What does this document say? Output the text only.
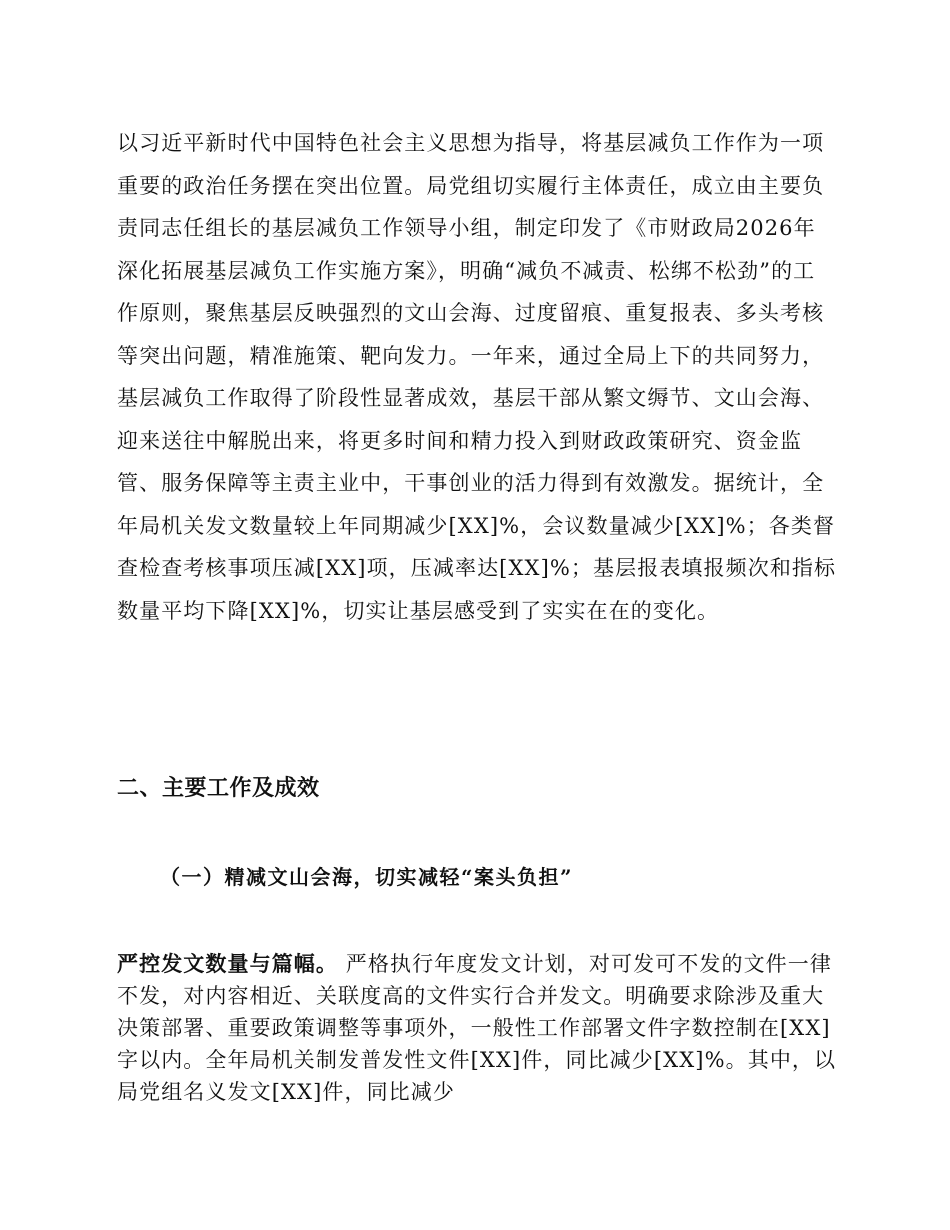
以习近平新时代中国特色社会主义思想为指导，将基层减负工作作为一项重要的政治任务摆在突出位置。局党组切实履行主体责任，成立由主要负责同志任组长的基层减负工作领导小组，制定印发了《市财政局2026年深化拓展基层减负工作实施方案》，明确“减负不减责、松绑不松劲”的工作原则，聚焦基层反映强烈的文山会海、过度留痕、重复报表、多头考核等突出问题，精准施策、靶向发力。一年来，通过全局上下的共同努力，基层减负工作取得了阶段性显著成效，基层干部从繁文缛节、文山会海、迎来送往中解脱出来，将更多时间和精力投入到财政政策研究、资金监管、服务保障等主责主业中，干事创业的活力得到有效激发。据统计，全年局机关发文数量较上年同期减少[XX]%，会议数量减少[XX]%；各类督查检查考核事项压减[XX]项，压减率达[XX]%；基层报表填报频次和指标数量平均下降[XX]%，切实让基层感受到了实实在在的变化。

二、主要工作及成效
（一）精减文山会海，切实减轻“案头负担”

严控发文数量与篇幅。 严格执行年度发文计划，对可发可不发的文件一律不发，对内容相近、关联度高的文件实行合并发文。明确要求除涉及重大决策部署、重要政策调整等事项外，一般性工作部署文件字数控制在[XX]字以内。全年局机关制发普发性文件[XX]件，同比减少[XX]%。其中，以局党组名义发文[XX]件，同比减少
